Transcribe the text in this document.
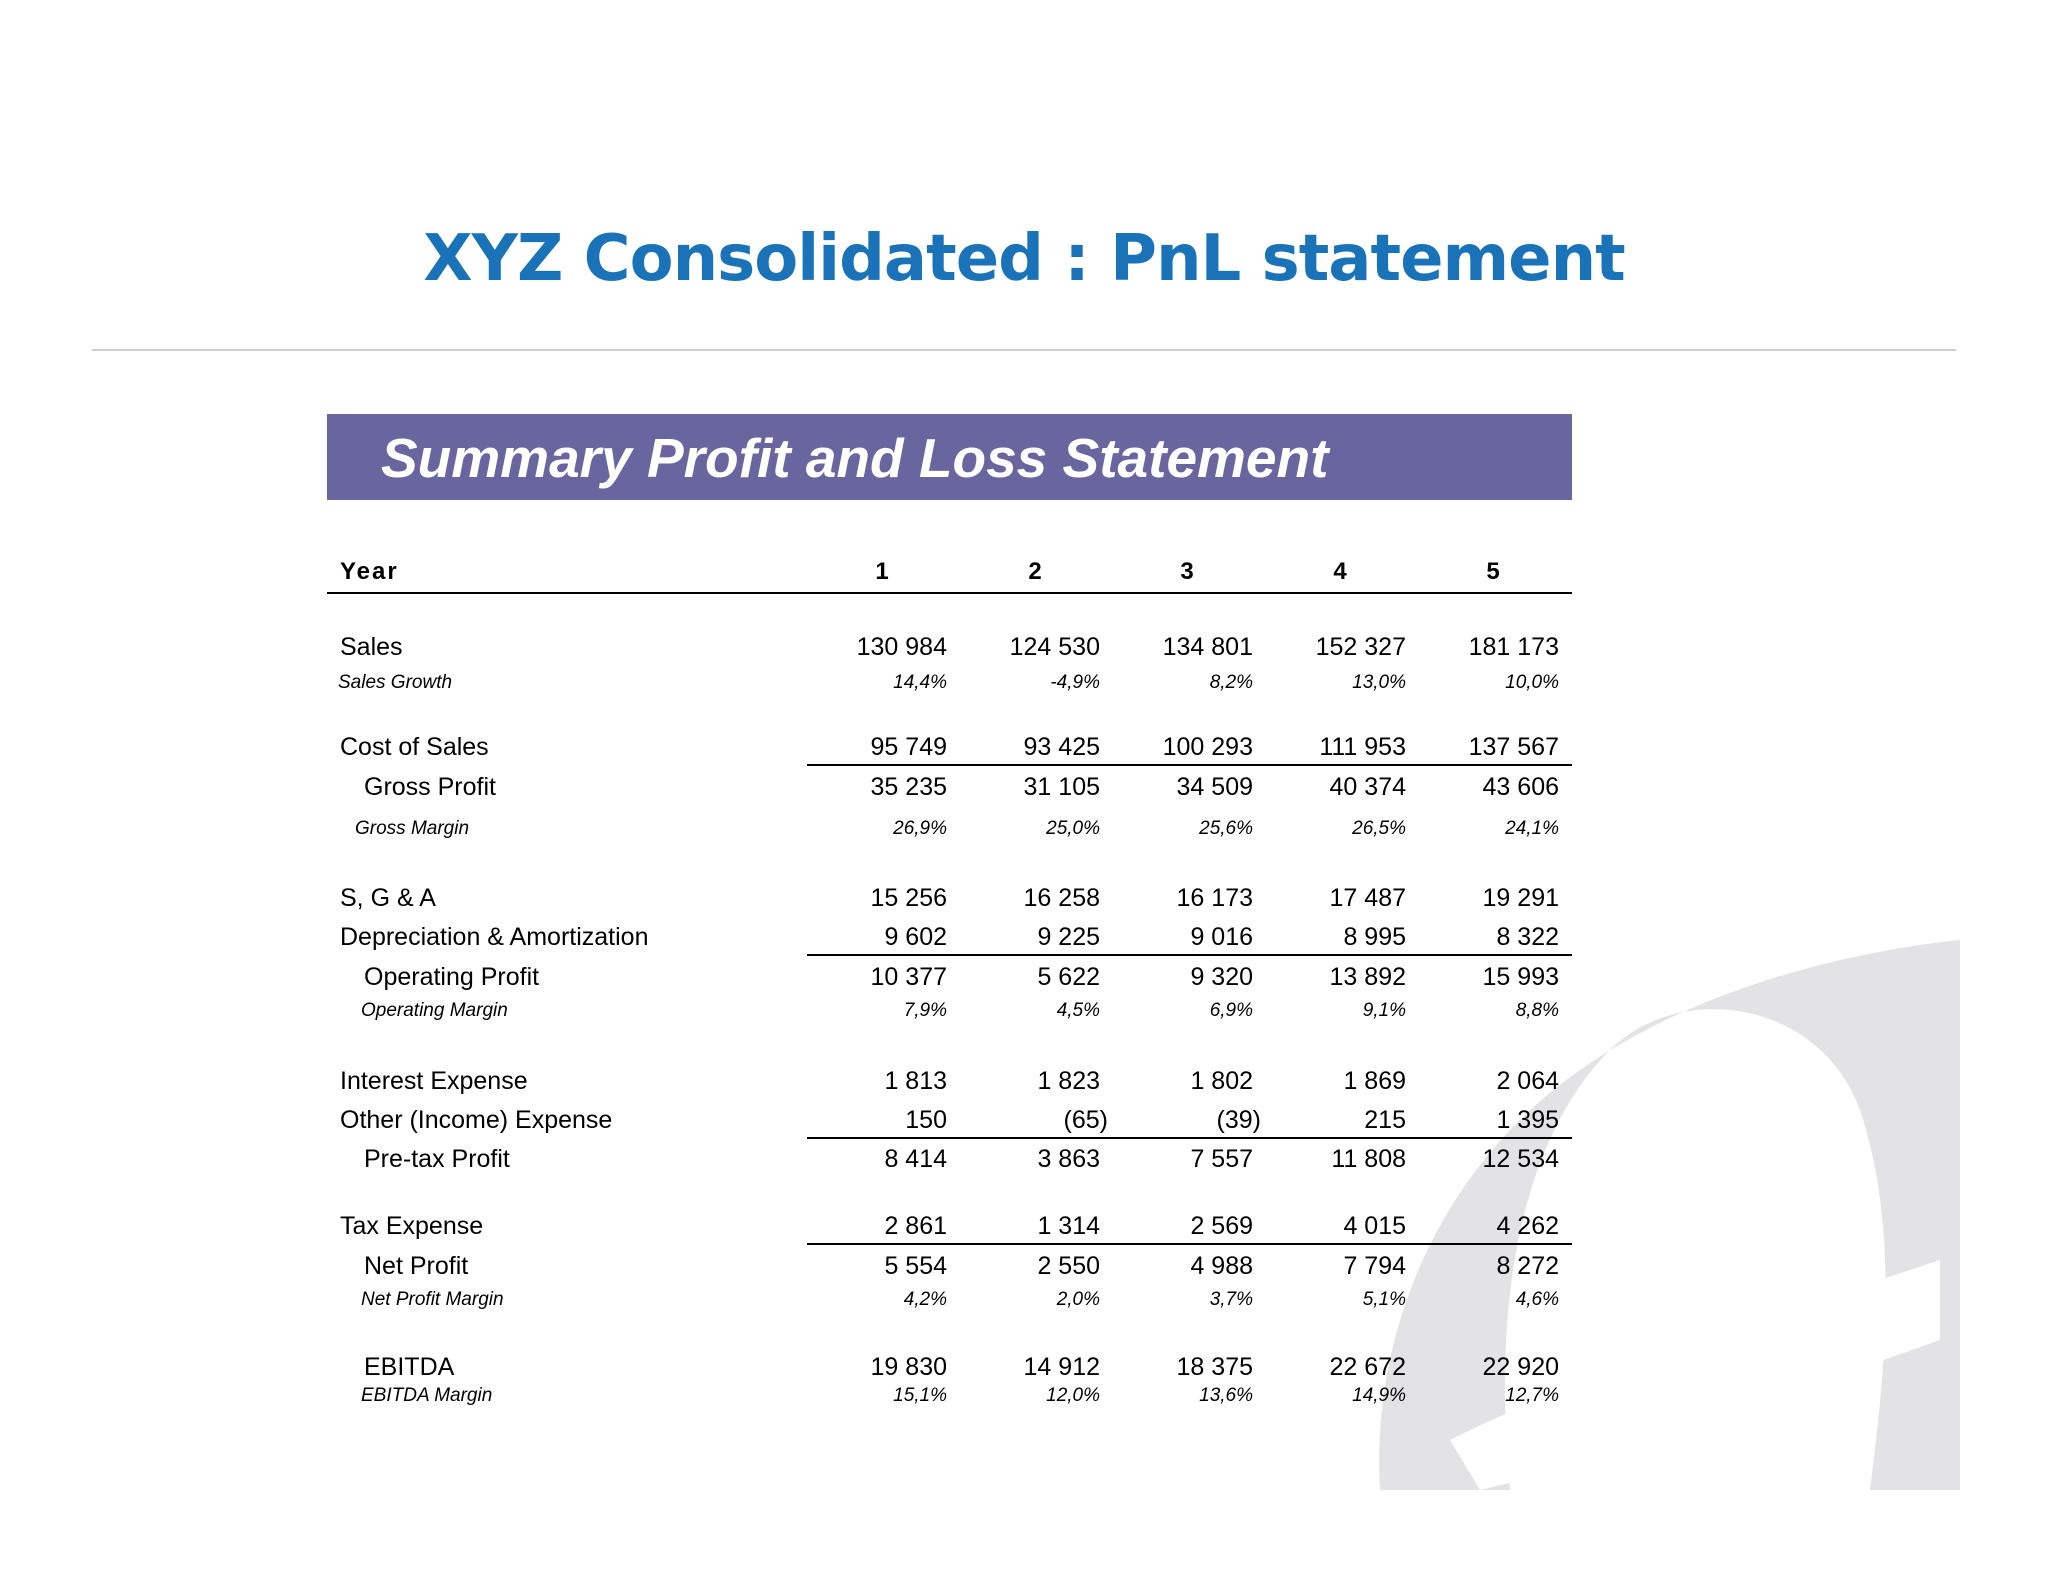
XYZ Consolidated : PnL statement
Summary Profit and Loss Statement
Year	1	2	3	4	5
Sales	130 984	124 530	134 801	152 327	181 173
Sales Growth	14,4%	-4,9%	8,2%	13,0%	10,0%
Cost of Sales	95 749	93 425	100 293	111 953	137 567
Gross Profit	35 235	31 105	34 509	40 374	43 606
Gross Margin	26,9%	25,0%	25,6%	26,5%	24,1%
S, G & A	15 256	16 258	16 173	17 487	19 291
Depreciation & Amortization	9 602	9 225	9 016	8 995	8 322
Operating Profit	10 377	5 622	9 320	13 892	15 993
Operating Margin	7,9%	4,5%	6,9%	9,1%	8,8%
Interest Expense	1 813	1 823	1 802	1 869	2 064
Other (Income) Expense	150	(65)	(39)	215	1 395
Pre-tax Profit	8 414	3 863	7 557	11 808	12 534
Tax Expense	2 861	1 314	2 569	4 015	4 262
Net Profit	5 554	2 550	4 988	7 794	8 272
Net Profit Margin	4,2%	2,0%	3,7%	5,1%	4,6%
EBITDA	19 830	14 912	18 375	22 672	22 920
EBITDA Margin	15,1%	12,0%	13,6%	14,9%	12,7%
